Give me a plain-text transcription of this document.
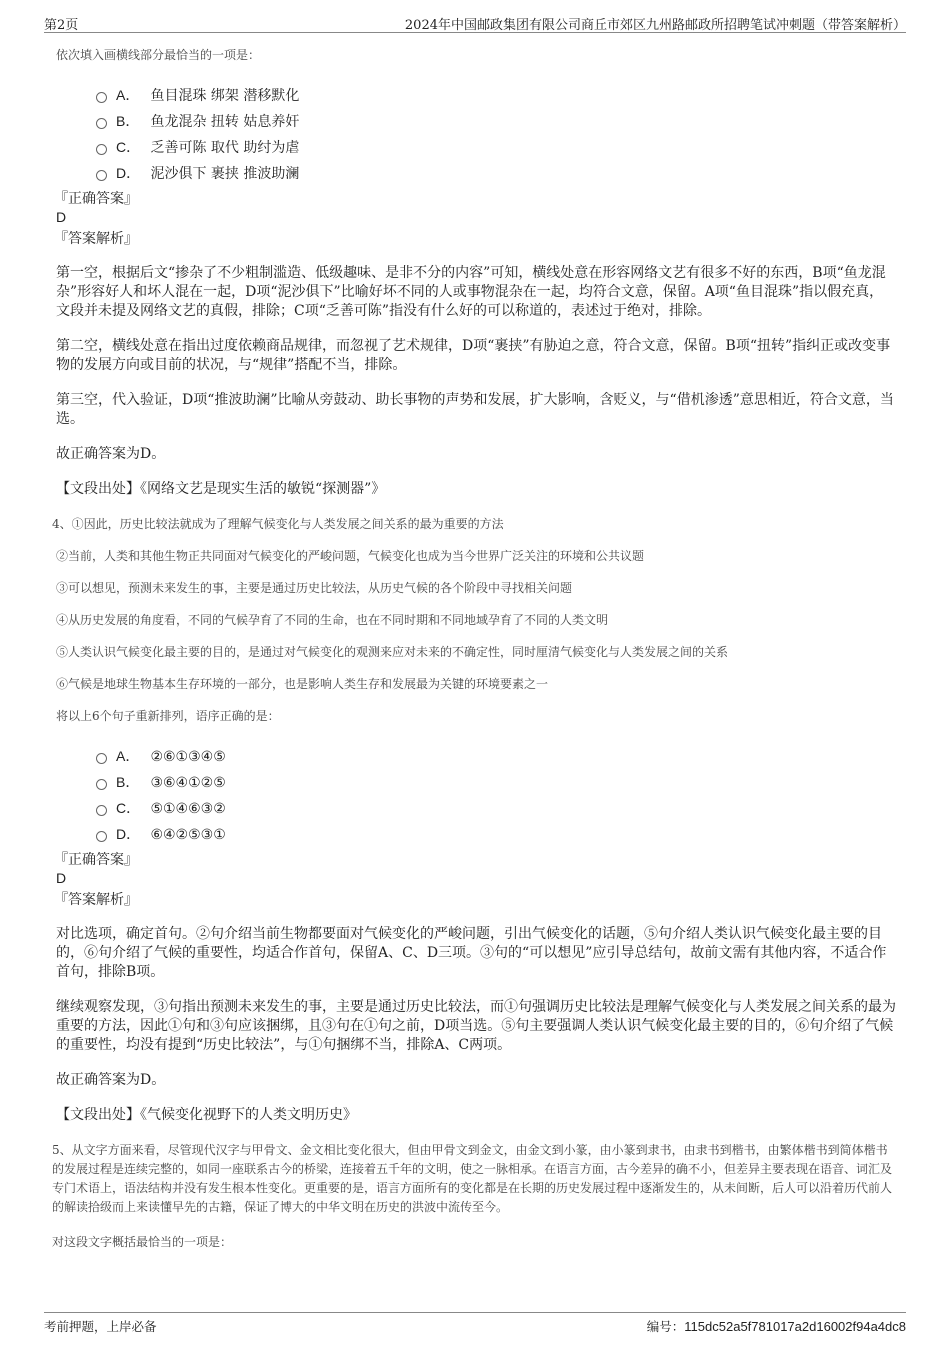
第2页	2024年中国邮政集团有限公司商丘市郊区九州路邮政所招聘笔试冲刺题（带答案解析）
依次填入画横线部分最恰当的一项是：
A． 鱼目混珠 绑架 潜移默化
B． 鱼龙混杂 扭转 姑息养奸
C． 乏善可陈 取代 助纣为虐
D． 泥沙俱下 裹挟 推波助澜
『正确答案』
D
『答案解析』
第一空，根据后文“掺杂了不少粗制滥造、低级趣味、是非不分的内容”可知，横线处意在形容网络文艺有很多不好的东西，B项“鱼龙混杂”形容好人和坏人混在一起，D项“泥沙俱下”比喻好坏不同的人或事物混杂在一起，均符合文意，保留。A项“鱼目混珠”指以假充真，文段并未提及网络文艺的真假，排除；C项“乏善可陈”指没有什么好的可以称道的，表述过于绝对，排除。
第二空，横线处意在指出过度依赖商品规律，而忽视了艺术规律，D项“裹挟”有胁迫之意，符合文意，保留。B项“扭转”指纠正或改变事物的发展方向或目前的状况，与“规律”搭配不当，排除。
第三空，代入验证，D项“推波助澜”比喻从旁鼓动、助长事物的声势和发展，扩大影响，含贬义，与“借机渗透”意思相近，符合文意，当选。
故正确答案为D。
【文段出处】《网络文艺是现实生活的敏锐“探测器”》
4、①因此，历史比较法就成为了理解气候变化与人类发展之间关系的最为重要的方法
②当前，人类和其他生物正共同面对气候变化的严峻问题，气候变化也成为当今世界广泛关注的环境和公共议题
③可以想见，预测未来发生的事，主要是通过历史比较法，从历史气候的各个阶段中寻找相关问题
④从历史发展的角度看，不同的气候孕育了不同的生命，也在不同时期和不同地域孕育了不同的人类文明
⑤人类认识气候变化最主要的目的，是通过对气候变化的观测来应对未来的不确定性，同时厘清气候变化与人类发展之间的关系
⑥气候是地球生物基本生存环境的一部分，也是影响人类生存和发展最为关键的环境要素之一
将以上6个句子重新排列，语序正确的是：
A． ②⑥①③④⑤
B． ③⑥④①②⑤
C． ⑤①④⑥③②
D． ⑥④②⑤③①
『正确答案』
D
『答案解析』
对比选项，确定首句。②句介绍当前生物都要面对气候变化的严峻问题，引出气候变化的话题，⑤句介绍人类认识气候变化最主要的目的，⑥句介绍了气候的重要性，均适合作首句，保留A、C、D三项。③句的“可以想见”应引导总结句，故前文需有其他内容，不适合作首句，排除B项。
继续观察发现，③句指出预测未来发生的事，主要是通过历史比较法，而①句强调历史比较法是理解气候变化与人类发展之间关系的最为重要的方法，因此①句和③句应该捆绑，且③句在①句之前，D项当选。⑤句主要强调人类认识气候变化最主要的目的，⑥句介绍了气候的重要性，均没有提到“历史比较法”，与①句捆绑不当，排除A、C两项。
故正确答案为D。
【文段出处】《气候变化视野下的人类文明历史》
5、从文字方面来看，尽管现代汉字与甲骨文、金文相比变化很大，但由甲骨文到金文，由金文到小篆，由小篆到隶书，由隶书到楷书，由繁体楷书到简体楷书的发展过程是连续完整的，如同一座联系古今的桥梁，连接着五千年的文明，使之一脉相承。在语言方面，古今差异的确不小，但差异主要表现在语音、词汇及专门术语上，语法结构并没有发生根本性变化。更重要的是，语言方面所有的变化都是在长期的历史发展过程中逐渐发生的，从未间断，后人可以沿着历代前人的解读拾级而上来读懂早先的古籍，保证了博大的中华文明在历史的洪波中流传至今。
对这段文字概括最恰当的一项是：
考前押题，上岸必备	编号：115dc52a5f781017a2d16002f94a4dc8
